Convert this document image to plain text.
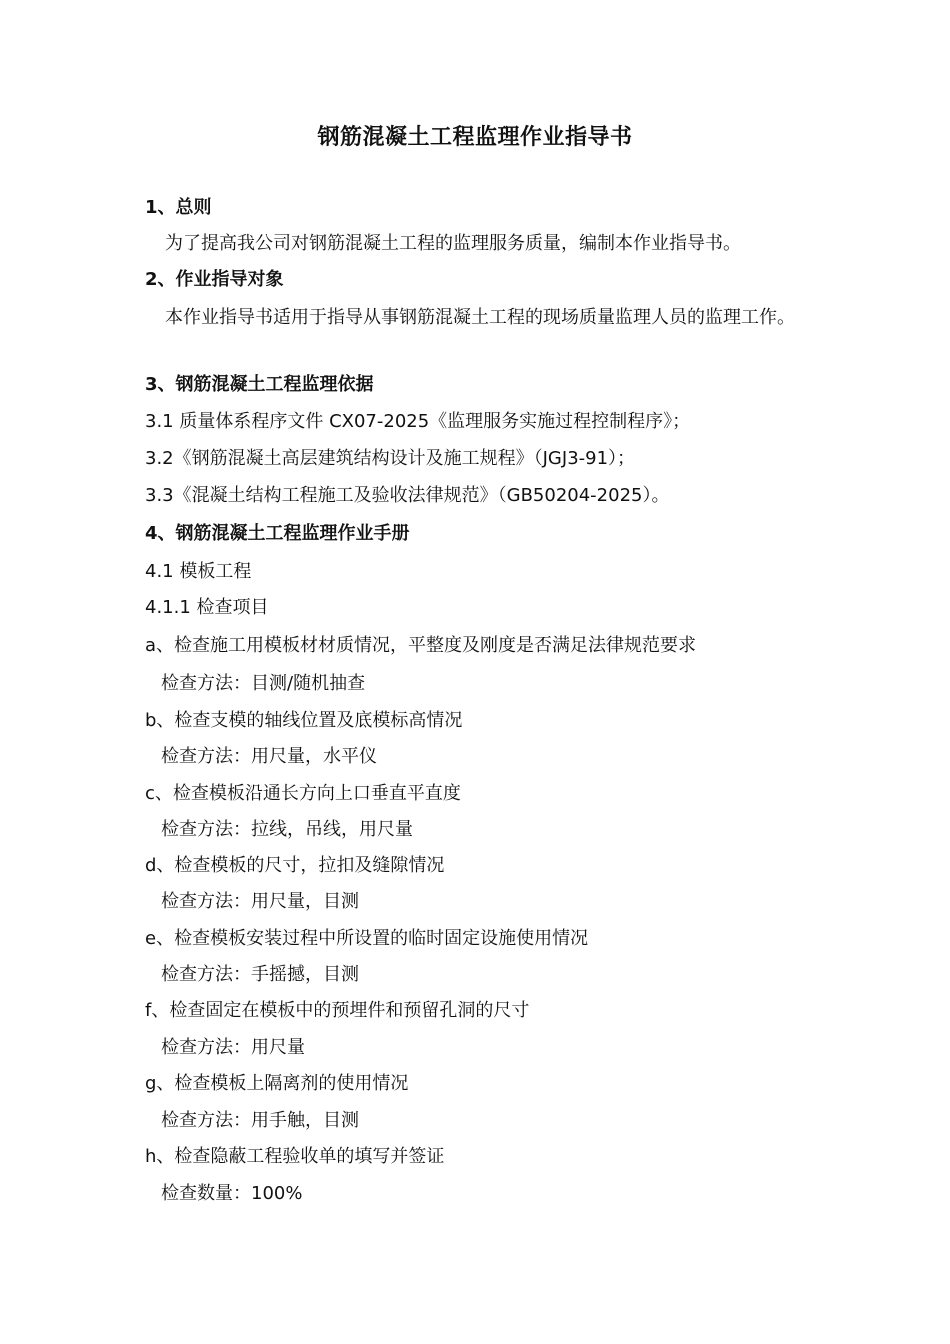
钢筋混凝土工程监理作业指导书
1、总则
为了提高我公司对钢筋混凝土工程的监理服务质量，编制本作业指导书。
2、作业指导对象
本作业指导书适用于指导从事钢筋混凝土工程的现场质量监理人员的监理工作。
3、钢筋混凝土工程监理依据
3.1 质量体系程序文件 CX07-2025《监理服务实施过程控制程序》；
3.2《钢筋混凝土高层建筑结构设计及施工规程》（JGJ3-91）；
3.3《混凝土结构工程施工及验收法律规范》（GB50204-2025）。
4、钢筋混凝土工程监理作业手册
4.1 模板工程
4.1.1 检查项目
a、检查施工用模板材材质情况，平整度及刚度是否满足法律规范要求
检查方法：目测/随机抽查
b、检查支模的轴线位置及底模标高情况
检查方法：用尺量，水平仪
c、检查模板沿通长方向上口垂直平直度
检查方法：拉线，吊线，用尺量
d、检查模板的尺寸，拉扣及缝隙情况
检查方法：用尺量，目测
e、检查模板安装过程中所设置的临时固定设施使用情况
检查方法：手摇撼，目测
f、检查固定在模板中的预埋件和预留孔洞的尺寸
检查方法：用尺量
g、检查模板上隔离剂的使用情况
检查方法：用手触，目测
h、检查隐蔽工程验收单的填写并签证
检查数量：100%
